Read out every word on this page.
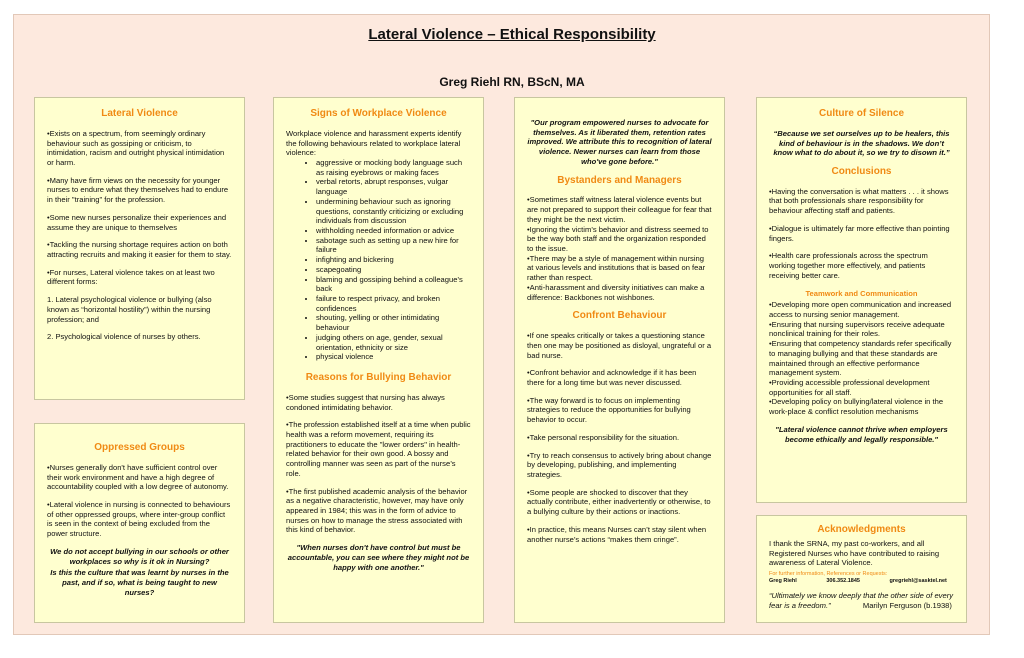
Lateral Violence – Ethical Responsibility
Greg Riehl RN, BScN, MA
Lateral Violence

•Exists on a spectrum, from seemingly ordinary behaviour such as gossiping or criticism, to intimidation, racism and outright physical intimidation or harm.

•Many have firm views on the necessity for younger nurses to endure what they themselves had to endure in their "training" for the profession.

•Some new nurses personalize their experiences and assume they are unique to themselves

•Tackling the nursing shortage requires action on both attracting recruits and making it easier for them to stay.

•For nurses, Lateral violence takes on at least two different forms:

1. Lateral psychological violence or bullying (also known as “horizontal hostility”) within the nursing profession; and

2. Psychological violence of nurses by others.

Oppressed Groups

•Nurses generally don't have sufficient control over their work environment and have a high degree of accountability coupled with a low degree of autonomy.

•Lateral violence in nursing is connected to behaviours of other oppressed groups, where inter-group conflict is seen in the context of being excluded from the power structure.

We do not accept bullying in our schools or other workplaces so why is it ok in Nursing?

Is this the culture that was learnt by nurses in the past, and if so, what is being taught to new nurses?

Signs of Workplace Violence

Workplace violence and harassment experts identify the following behaviours related to workplace lateral violence:

• aggressive or mocking body language such as raising eyebrows or making faces
• verbal retorts, abrupt responses, vulgar language
• undermining behaviour such as ignoring questions, constantly criticizing or excluding individuals from discussion
• withholding needed information or advice
• sabotage such as setting up a new hire for failure
• infighting and bickering
• scapegoating
• blaming and gossiping behind a colleague’s back
• failure to respect privacy, and broken confidences
• shouting, yelling or other intimidating behaviour
• judging others on age, gender, sexual orientation, ethnicity or size
• physical violence
Reasons for Bullying Behavior

•Some studies suggest that nursing has always condoned intimidating behavior.

•The profession established itself at a time when public health was a reform movement, requiring its practitioners to educate the "lower orders" in health-related behavior for their own good. A bossy and controlling manner was seen as part of the nurse’s role.

•The first published academic analysis of the behavior as a negative characteristic, however, may have only appeared in 1984; this was in the form of advice to nurses on how to manage the stress associated with this kind of behavior.

"When nurses don't have control but must be accountable, you can see where they might not be happy with one another."

"Our program empowered nurses to advocate for themselves. As it liberated them, retention rates improved. We attribute this to recognition of lateral violence. Newer nurses can learn from those who've gone before."

Bystanders and Managers
•Sometimes staff witness lateral violence events but are not prepared to support their colleague for fear that they might be the next victim.
•Ignoring the victim’s behavior and distress seemed to be the way both staff and the organization responded to the issue.
•There may be a style of management within nursing at various levels and institutions that is based on fear rather than respect.
•Anti-harassment and diversity initiatives can make a difference: Backbones not wishbones.
Confront Behaviour

•If one speaks critically or takes a questioning stance then one may be positioned as disloyal, ungrateful or a bad nurse.

•Confront behavior and acknowledge if it has been there for a long time but was never discussed.

•The way forward is to focus on implementing strategies to reduce the opportunities for bullying behavior to occur.

•Take personal responsibility for the situation.

•Try to reach consensus to actively bring about change by developing, publishing, and implementing strategies.

•Some people are shocked to discover that they actually contribute, either inadvertently or otherwise, to a bullying culture by their actions or inactions.

•In practice, this means Nurses can’t stay silent when another nurse’s actions “makes them cringe”.

Culture of Silence

“Because we set ourselves up to be healers, this kind of behaviour is in the shadows. We don’t know what to do about it, so we try to disown it.”

Conclusions

•Having the conversation is what matters . . . it shows that both professionals share responsibility for behaviour affecting staff and patients.

•Dialogue is ultimately far more effective than pointing fingers.

•Health care professionals across the spectrum working together more effectively, and patients receiving better care.

Teamwork and Communication
•Developing more open communication and increased access to nursing senior management.
•Ensuring that nursing supervisors receive adequate nonclinical training for their roles.
•Ensuring that competency standards refer specifically to managing bullying and that these standards are maintained through an effective performance management system.
•Providing accessible professional development opportunities for all staff.
•Developing policy on bullying/lateral violence in the work-place & conflict resolution mechanisms

"Lateral violence cannot thrive when employers become ethically and legally responsible."

Acknowledgments

I thank the SRNA, my past co-workers, and all Registered Nurses who have contributed to raising awareness of Lateral Violence.

For further information, References or Requests:
Greg Riehl	306.352.1845	gregriehl@sasktel.net
“Ultimately we know deeply that the other side of every fear is a freedom.”	Marilyn Ferguson (b.1938)
